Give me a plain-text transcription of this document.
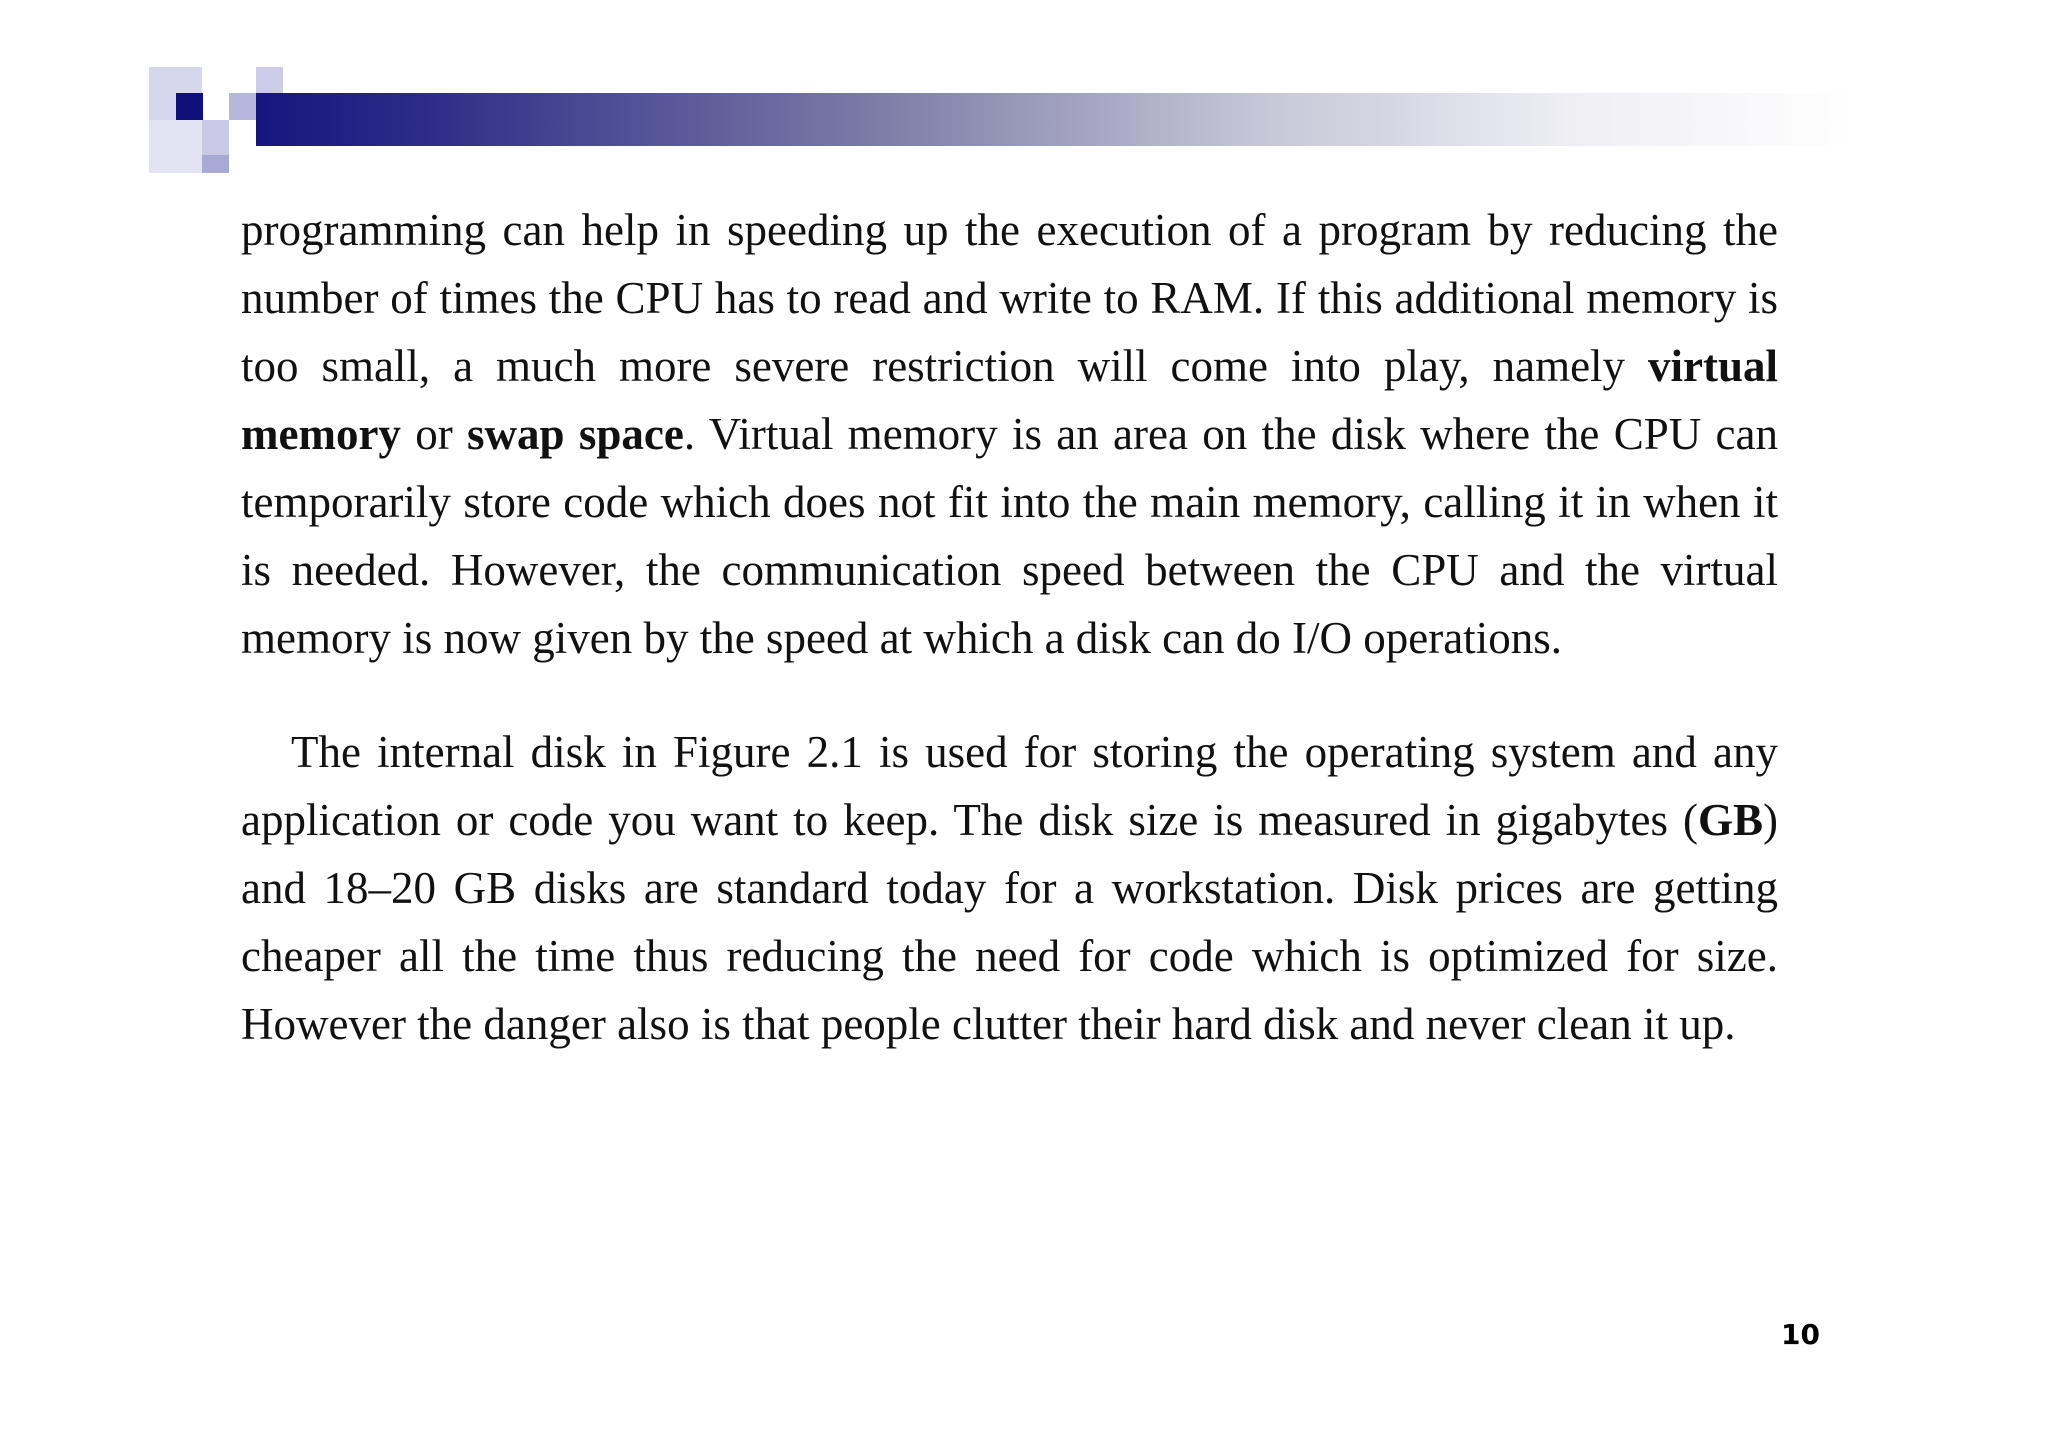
programming can help in speeding up the execution of a program by reducing the number of times the CPU has to read and write to RAM. If this additional memory is too small, a much more severe restriction will come into play, namely virtual memory or swap space. Virtual memory is an area on the disk where the CPU can temporarily store code which does not fit into the main memory, calling it in when it is needed. However, the communication speed between the CPU and the virtual memory is now given by the speed at which a disk can do I/O operations.

The internal disk in Figure 2.1 is used for storing the operating system and any application or code you want to keep. The disk size is measured in gigabytes (GB) and 18–20 GB disks are standard today for a workstation. Disk prices are getting cheaper all the time thus reducing the need for code which is optimized for size. However the danger also is that people clutter their hard disk and never clean it up.

10
